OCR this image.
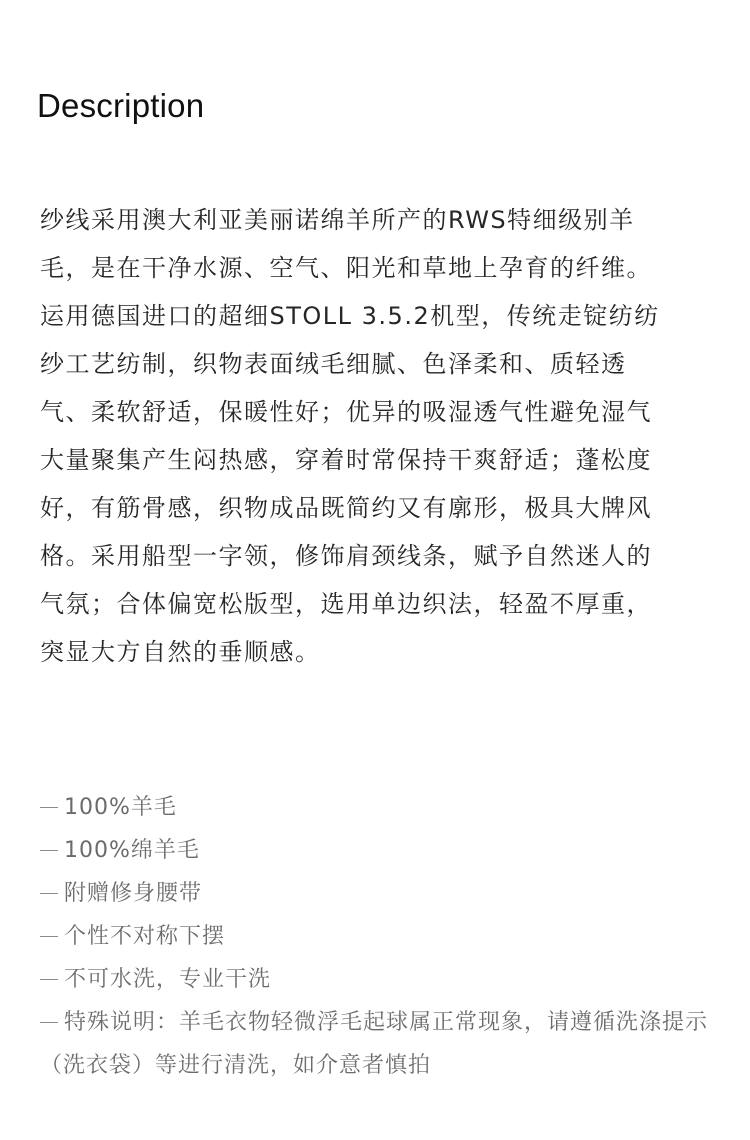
Description

纱线采用澳大利亚美丽诺绵羊所产的RWS特细级别羊毛，是在干净水源、空气、阳光和草地上孕育的纤维。运用德国进口的超细STOLL 3.5.2机型，传统走锭纺纺纱工艺纺制，织物表面绒毛细腻、色泽柔和、质轻透气、柔软舒适，保暖性好；优异的吸湿透气性避免湿气大量聚集产生闷热感，穿着时常保持干爽舒适；蓬松度好，有筋骨感，织物成品既简约又有廓形，极具大牌风格。采用船型一字领，修饰肩颈线条，赋予自然迷人的气氛；合体偏宽松版型，选用单边织法，轻盈不厚重，突显大方自然的垂顺感。

100%羊毛
100%绵羊毛
附赠修身腰带
个性不对称下摆
不可水洗，专业干洗
特殊说明：羊毛衣物轻微浮毛起球属正常现象，请遵循洗涤提示（洗衣袋）等进行清洗，如介意者慎拍
